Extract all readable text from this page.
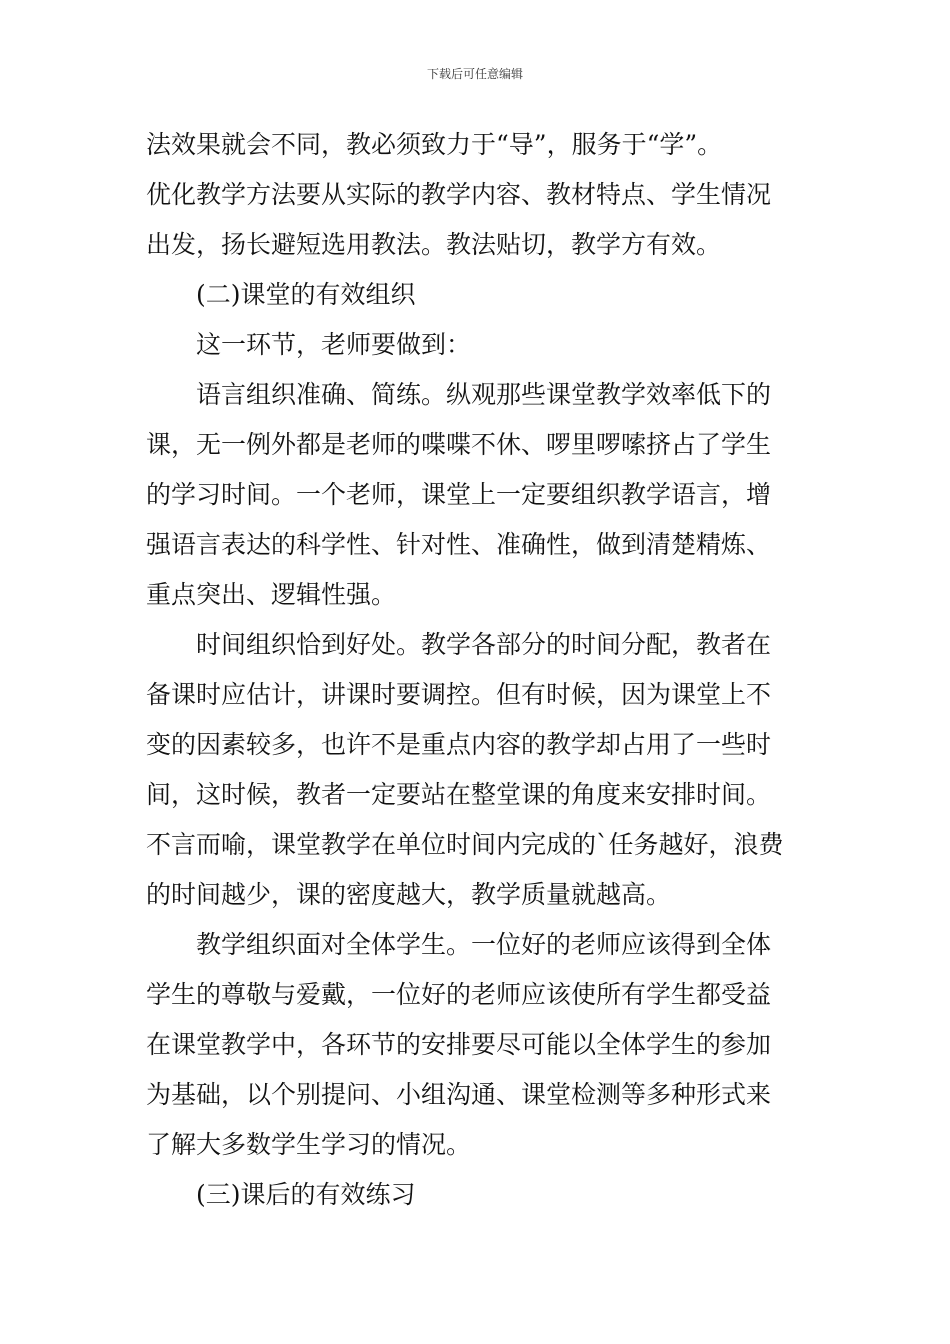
下载后可任意编辑
法效果就会不同，教必须致力于“导”，服务于“学”。
优化教学方法要从实际的教学内容、教材特点、学生情况
出发，扬长避短选用教法。教法贴切，教学方有效。
(二)课堂的有效组织
这一环节，老师要做到：
语言组织准确、简练。纵观那些课堂教学效率低下的
课，无一例外都是老师的喋喋不休、啰里啰嗦挤占了学生
的学习时间。一个老师，课堂上一定要组织教学语言，增
强语言表达的科学性、针对性、准确性，做到清楚精炼、
重点突出、逻辑性强。
时间组织恰到好处。教学各部分的时间分配，教者在
备课时应估计，讲课时要调控。但有时候，因为课堂上不
变的因素较多，也许不是重点内容的教学却占用了一些时
间，这时候，教者一定要站在整堂课的角度来安排时间。
不言而喻，课堂教学在单位时间内完成的`任务越好，浪费
的时间越少，课的密度越大，教学质量就越高。
教学组织面对全体学生。一位好的老师应该得到全体
学生的尊敬与爱戴，一位好的老师应该使所有学生都受益
在课堂教学中，各环节的安排要尽可能以全体学生的参加
为基础，以个别提问、小组沟通、课堂检测等多种形式来
了解大多数学生学习的情况。
(三)课后的有效练习
